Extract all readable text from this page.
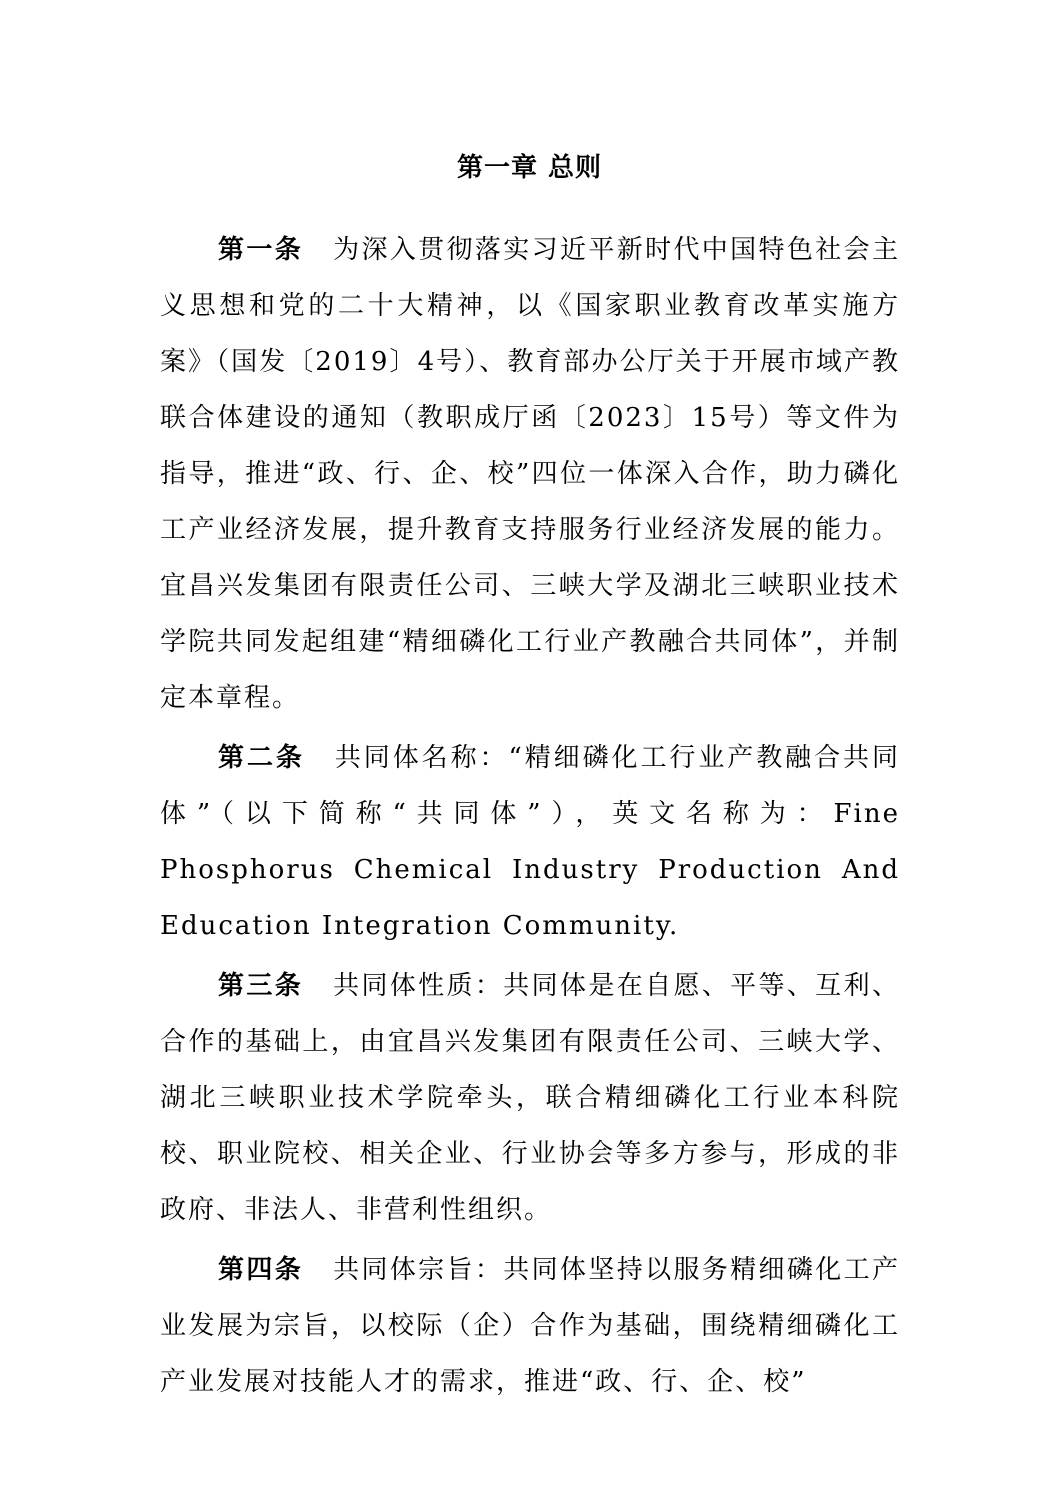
第一章 总则

第一条 为深入贯彻落实习近平新时代中国特色社会主义思想和党的二十大精神，以《国家职业教育改革实施方案》（国发〔2019〕4号）、教育部办公厅关于开展市域产教联合体建设的通知（教职成厅函〔2023〕15号）等文件为指导，推进“政、行、企、校”四位一体深入合作，助力磷化工产业经济发展，提升教育支持服务行业经济发展的能力。宜昌兴发集团有限责任公司、三峡大学及湖北三峡职业技术学院共同发起组建“精细磷化工行业产教融合共同体”，并制定本章程。

第二条 共同体名称：“精细磷化工行业产教融合共同体”（以下简称“共同体”），英文名称为：Fine Phosphorus Chemical Industry Production And Education Integration Community.

第三条 共同体性质：共同体是在自愿、平等、互利、合作的基础上，由宜昌兴发集团有限责任公司、三峡大学、湖北三峡职业技术学院牵头，联合精细磷化工行业本科院校、职业院校、相关企业、行业协会等多方参与，形成的非政府、非法人、非营利性组织。

第四条 共同体宗旨：共同体坚持以服务精细磷化工产业发展为宗旨，以校际（企）合作为基础，围绕精细磷化工产业发展对技能人才的需求，推进“政、行、企、校”
